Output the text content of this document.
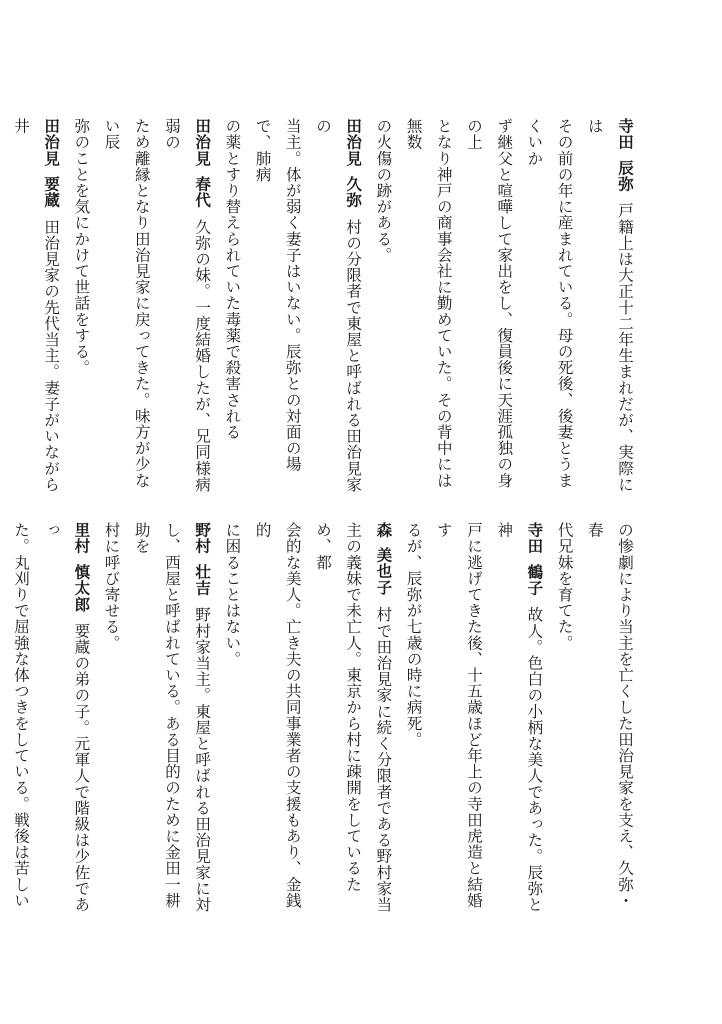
寺田辰弥戸籍上は大正十二年生まれだが、実際には
その前の年に産まれている。母の死後、後妻とうまくいか
ず継父と喧嘩して家出をし、復員後に天涯孤独の身の上
となり神戸の商事会社に勤めていた。その背中には無数
の火傷の跡がある。
田治見久弥村の分限者で東屋と呼ばれる田治見家の
当主。体が弱く妻子はいない。辰弥との対面の場で、肺病
の薬とすり替えられていた毒薬で殺害される
田治見春代久弥の妹。一度結婚したが、兄同様病弱の
ため離縁となり田治見家に戻ってきた。味方が少ない辰
弥のことを気にかけて世話をする。
田治見要蔵田治見家の先代当主。妻子がいながら井

の惨劇により当主を亡くした田治見家を支え、久弥・春
代兄妹を育てた。
寺田鶴子故人。色白の小柄な美人であった。辰弥と神
戸に逃げてきた後、十五歳ほど年上の寺田虎造と結婚す
るが、辰弥が七歳の時に病死。
森美也子村で田治見家に続く分限者である野村家当
主の義妹で未亡人。東京から村に疎開をしているため、都
会的な美人。亡き夫の共同事業者の支援もあり、金銭的
に困ることはない。
野村壮吉野村家当主。東屋と呼ばれる田治見家に対
し、西屋と呼ばれている。ある目的のために金田一耕助を
村に呼び寄せる。
里村慎太郎要蔵の弟の子。元軍人で階級は少佐であっ
た。丸刈りで屈強な体つきをしている。戦後は苦しい
